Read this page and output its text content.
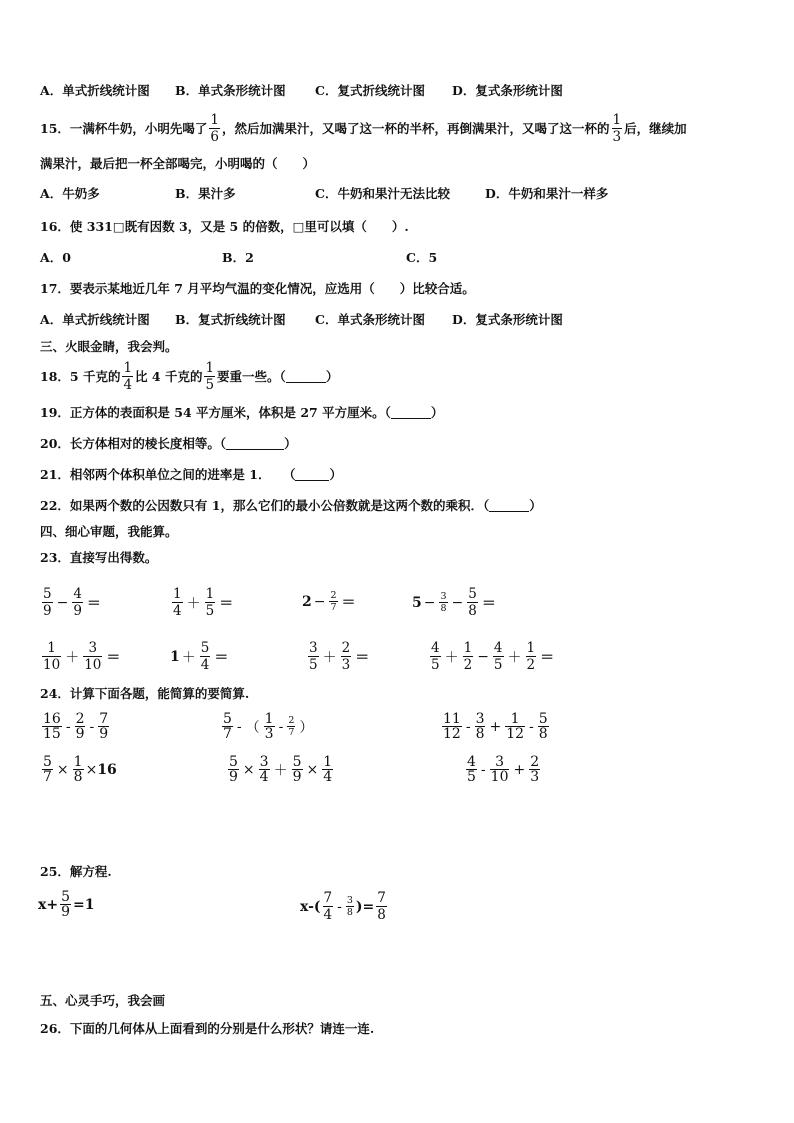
A．单式折线统计图 B．单式条形统计图 C．复式折线统计图 D．复式条形统计图
15．一满杯牛奶，小明先喝了 $\frac{1}{6}$ ，然后加满果汁，又喝了这一杯的半杯，再倒满果汁，又喝了这一杯的 $\frac{1}{3}$ 后，继续加
满果汁，最后把一杯全部喝完，小明喝的（　　）
A．牛奶多	B．果汁多	C．牛奶和果汁无法比较	D．牛奶和果汁一样多
16．使 331□既有因数 3，又是 5 的倍数，□里可以填（　　）.
A．0	B．2	C．5
17．要表示某地近几年 7 月平均气温的变化情况，应选用（　　）比较合适。
A．单式折线统计图 B．复式折线统计图 C．单式条形统计图 D．复式条形统计图
三、火眼金睛，我会判。
18．5 千克的 $\frac{1}{4}$ 比 4 千克的 $\frac{1}{5}$ 要重一些。（	）
19．正方体的表面积是 54 平方厘米，体积是 27 平方厘米。（	）
20．长方体相对的棱长度相等。（	）
21．相邻两个体积单位之间的进率是 1．　　（	）
22．如果两个数的公因数只有 1，那么它们的最小公倍数就是这两个数的乘积．（	）
四、细心审题，我能算。
23．直接写出得数。
$\frac{5}{9} - \frac{4}{9}$ ＝	$\frac{1}{4} + \frac{1}{5}$ ＝	$2 - \frac{2}{7}$ ＝	$5 - \frac{3}{8} - \frac{5}{8}$ ＝
$\frac{1}{10} + \frac{3}{10}$ ＝	$1 + \frac{5}{4}$ ＝	$\frac{3}{5} + \frac{2}{3}$ ＝	$\frac{4}{5} + \frac{1}{2} - \frac{4}{5} + \frac{1}{2}$ ＝
24．计算下面各题，能简算的要简算.
$\frac{16}{15} - \frac{2}{9} - \frac{7}{9}$	$\frac{5}{7}$ - （ $\frac{1}{3} - \frac{2}{7}$ ）	$\frac{11}{12} - \frac{3}{8} + \frac{1}{12} - \frac{5}{8}$
$\frac{5}{7} \times \frac{1}{8} \times 16$	$\frac{5}{9} \times \frac{3}{4} + \frac{5}{9} \times \frac{1}{4}$	$\frac{4}{5} - \frac{3}{10} + \frac{2}{3}$
25．解方程.
$x+ \frac{5}{9} =1$	$x-( \frac{7}{4} - \frac{3}{8}$ )= $\frac{7}{8}$
五、心灵手巧，我会画
26．下面的几何体从上面看到的分别是什么形状？请连一连.
